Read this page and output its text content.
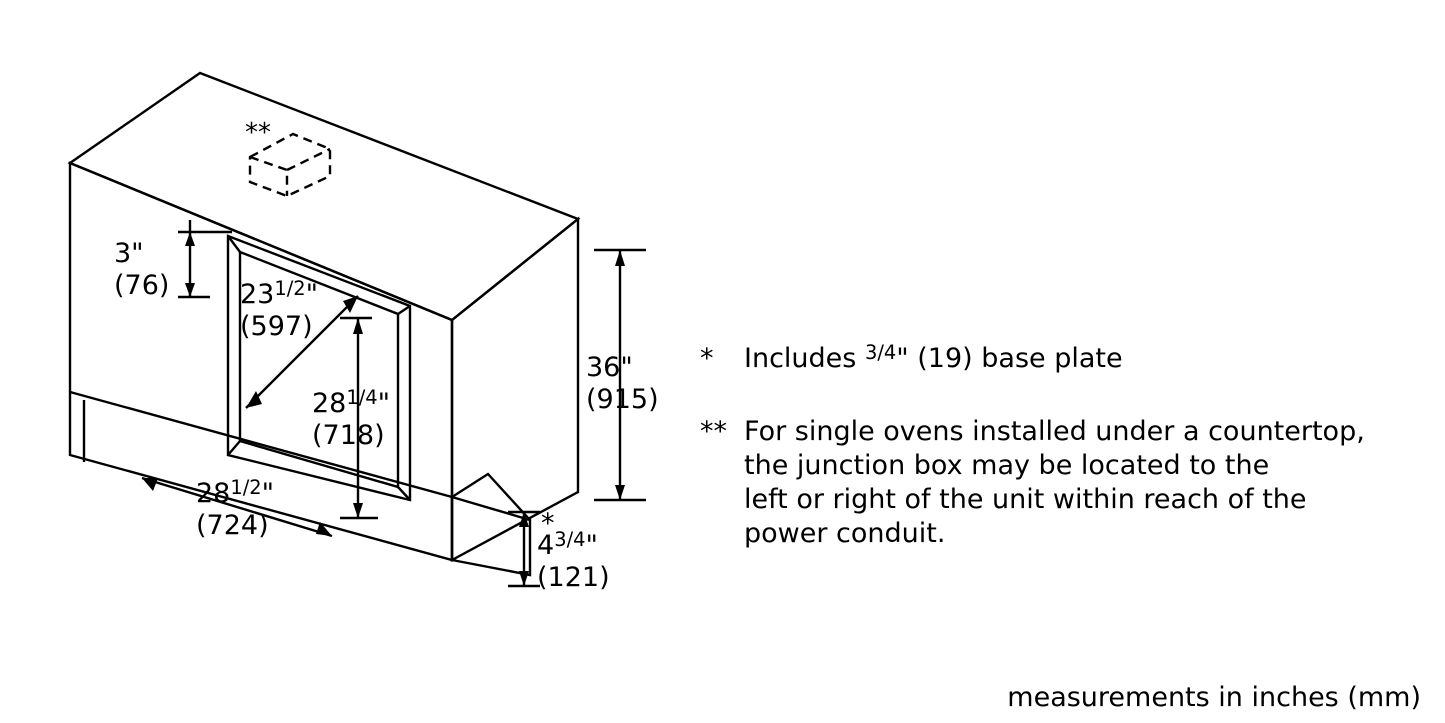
**
3"
(76)	231/2"
(597)
281/4"
(718)
281/2"
(724)
36"
(915)
*
43/4"
(121)
*	Includes 3/4" (19) base plate
** For single ovens installed under a countertop,
the junction box may be located to the
left or right of the unit within reach of the
power conduit.
measurements in inches (mm)
